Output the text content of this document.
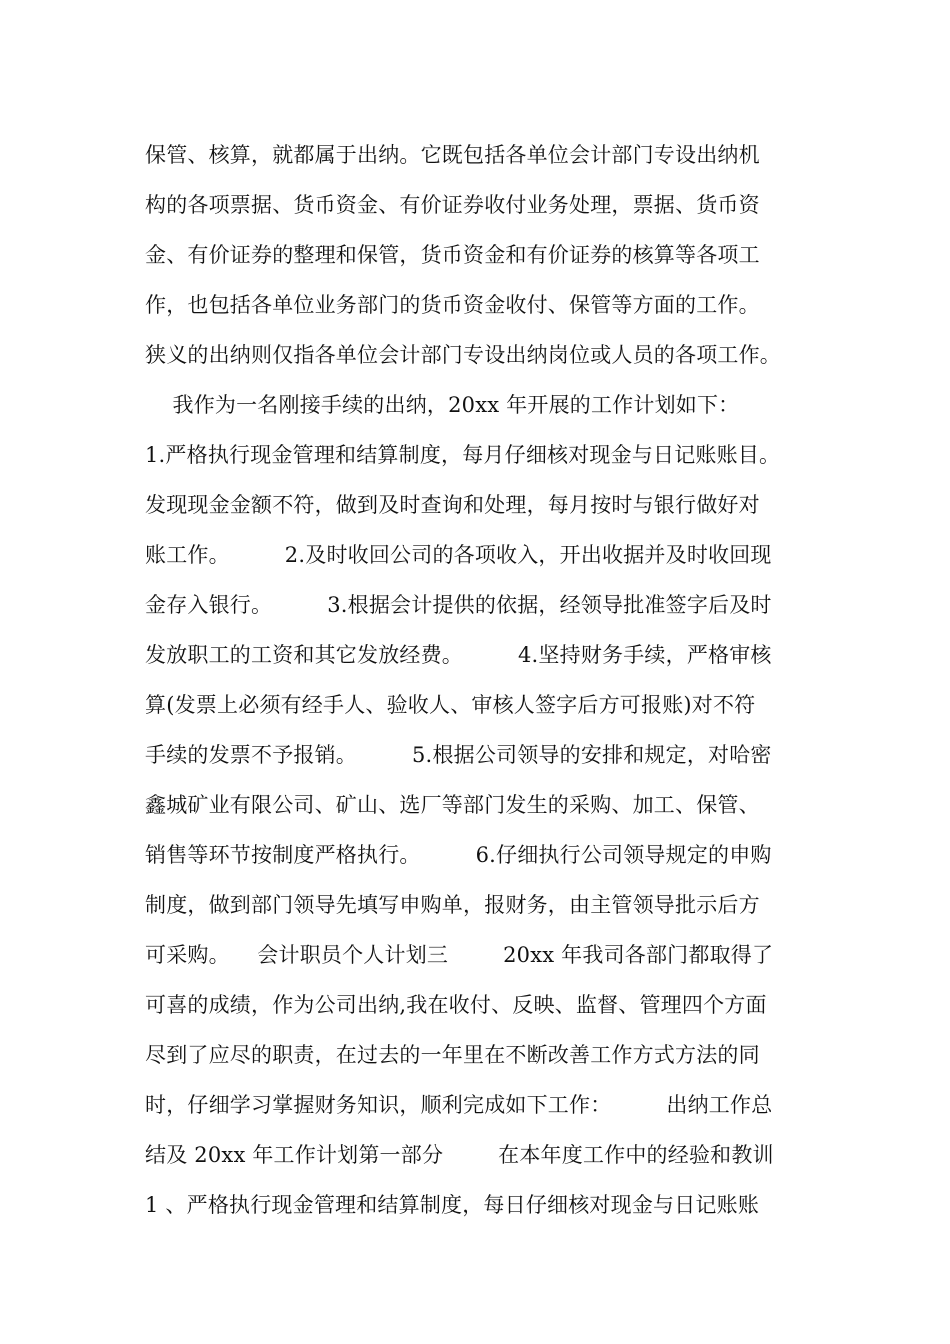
保管、核算，就都属于出纳。它既包括各单位会计部门专设出纳机
构的各项票据、货币资金、有价证券收付业务处理，票据、货币资
金、有价证券的整理和保管，货币资金和有价证券的核算等各项工
作，也包括各单位业务部门的货币资金收付、保管等方面的工作。
狭义的出纳则仅指各单位会计部门专设出纳岗位或人员的各项工作。
我作为一名刚接手续的出纳，20xx 年开展的工作计划如下：
1.严格执行现金管理和结算制度，每月仔细核对现金与日记账账目。
发现现金金额不符，做到及时查询和处理，每月按时与银行做好对
账工作。        2.及时收回公司的各项收入，开出收据并及时收回现
金存入银行。        3.根据会计提供的依据，经领导批准签字后及时
发放职工的工资和其它发放经费。        4.坚持财务手续，严格审核
算(发票上必须有经手人、验收人、审核人签字后方可报账)对不符
手续的发票不予报销。        5.根据公司领导的安排和规定，对哈密
鑫城矿业有限公司、矿山、选厂等部门发生的采购、加工、保管、
销售等环节按制度严格执行。        6.仔细执行公司领导规定的申购
制度，做到部门领导先填写申购单，报财务，由主管领导批示后方
可采购。    会计职员个人计划三        20xx 年我司各部门都取得了
可喜的成绩，作为公司出纳,我在收付、反映、监督、管理四个方面
尽到了应尽的职责，在过去的一年里在不断改善工作方式方法的同
时，仔细学习掌握财务知识，顺利完成如下工作：        出纳工作总
结及 20xx 年工作计划第一部分        在本年度工作中的经验和教训
1 、严格执行现金管理和结算制度，每日仔细核对现金与日记账账
